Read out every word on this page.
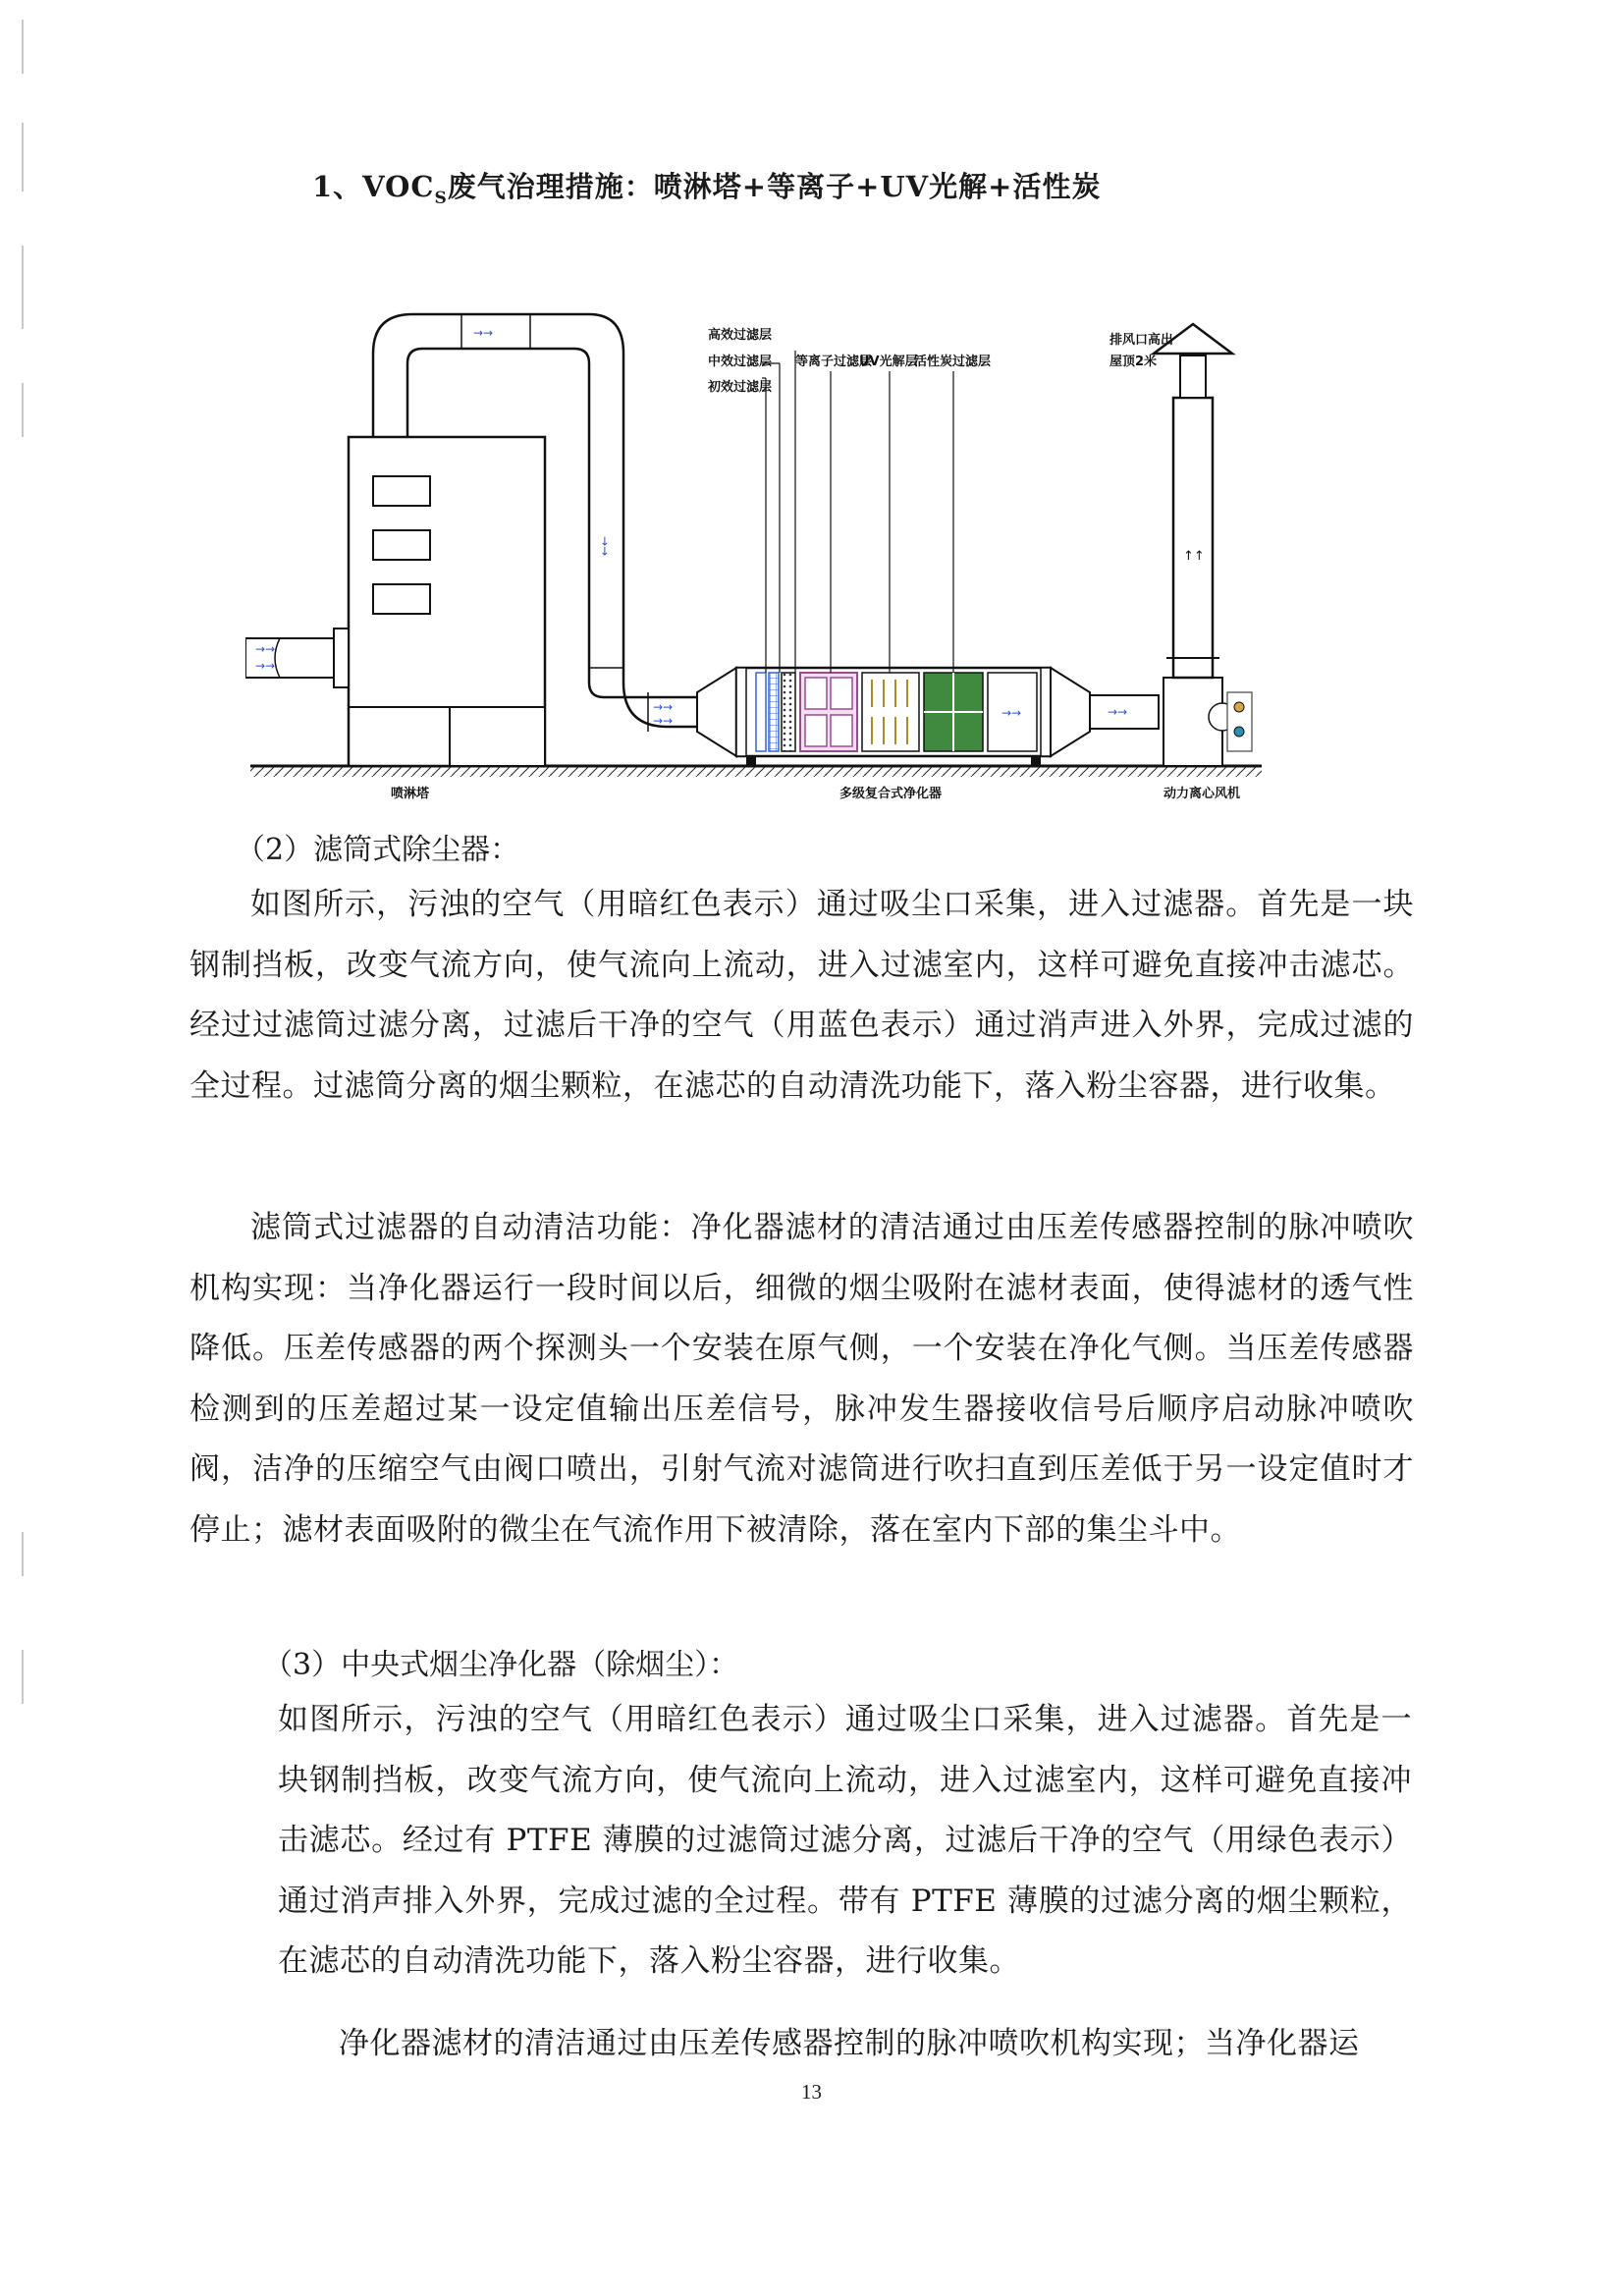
1、$VOC_S$废气治理措施：喷淋塔+等离子+UV光解+活性炭
→→
→→
→→
→→
→→
→→
→→	→→
↑↑
高效过滤层
中效过滤层
初效过滤层
等离子过滤层
UV光解层
活性炭过滤层
排风口高出
屋顶2米
喷淋塔	多级复合式净化器	动力离心风机
（2）滤筒式除尘器：

如图所示，污浊的空气（用暗红色表示）通过吸尘口采集，进入过滤器。首先是一块钢制挡板，改变气流方向，使气流向上流动，进入过滤室内，这样可避免直接冲击滤芯。经过过滤筒过滤分离，过滤后干净的空气（用蓝色表示）通过消声进入外界，完成过滤的全过程。过滤筒分离的烟尘颗粒，在滤芯的自动清洗功能下，落入粉尘容器，进行收集。

滤筒式过滤器的自动清洁功能：净化器滤材的清洁通过由压差传感器控制的脉冲喷吹机构实现：当净化器运行一段时间以后，细微的烟尘吸附在滤材表面，使得滤材的透气性降低。压差传感器的两个探测头一个安装在原气侧，一个安装在净化气侧。当压差传感器检测到的压差超过某一设定值输出压差信号，脉冲发生器接收信号后顺序启动脉冲喷吹阀，洁净的压缩空气由阀口喷出，引射气流对滤筒进行吹扫直到压差低于另一设定值时才停止；滤材表面吸附的微尘在气流作用下被清除，落在室内下部的集尘斗中。

（3）中央式烟尘净化器（除烟尘）：

如图所示，污浊的空气（用暗红色表示）通过吸尘口采集，进入过滤器。首先是一块钢制挡板，改变气流方向，使气流向上流动，进入过滤室内，这样可避免直接冲击滤芯。经过有 PTFE 薄膜的过滤筒过滤分离，过滤后干净的空气（用绿色表示）通过消声排入外界，完成过滤的全过程。带有 PTFE 薄膜的过滤分离的烟尘颗粒，在滤芯的自动清洗功能下，落入粉尘容器，进行收集。

净化器滤材的清洁通过由压差传感器控制的脉冲喷吹机构实现；当净化器运

13
